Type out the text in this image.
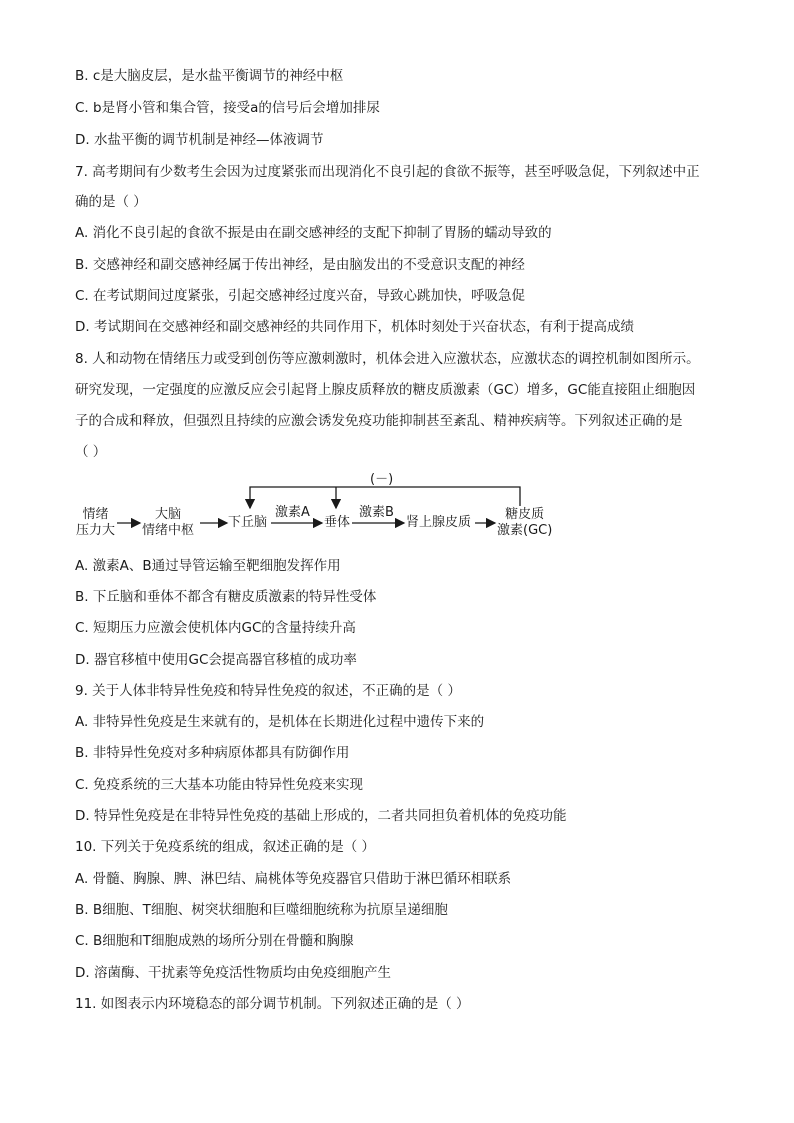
B. c是大脑皮层，是水盐平衡调节的神经中枢
C. b是肾小管和集合管，接受a的信号后会增加排尿
D. 水盐平衡的调节机制是神经—体液调节
7. 高考期间有少数考生会因为过度紧张而出现消化不良引起的食欲不振等，甚至呼吸急促，下列叙述中正
确的是（ ）
A. 消化不良引起的食欲不振是由在副交感神经的支配下抑制了胃肠的蠕动导致的
B. 交感神经和副交感神经属于传出神经，是由脑发出的不受意识支配的神经
C. 在考试期间过度紧张，引起交感神经过度兴奋，导致心跳加快，呼吸急促
D. 考试期间在交感神经和副交感神经的共同作用下，机体时刻处于兴奋状态，有利于提高成绩
8. 人和动物在情绪压力或受到创伤等应激刺激时，机体会进入应激状态，应激状态的调控机制如图所示。
研究发现，一定强度的应激反应会引起肾上腺皮质释放的糖皮质激素（GC）增多，GC能直接阻止细胞因
子的合成和释放，但强烈且持续的应激会诱发免疫功能抑制甚至紊乱、精神疾病等。下列叙述正确的是
（ ）
A. 激素A、B通过导管运输至靶细胞发挥作用
B. 下丘脑和垂体不都含有糖皮质激素的特异性受体
C. 短期压力应激会使机体内GC的含量持续升高
D. 器官移植中使用GC会提高器官移植的成功率
9. 关于人体非特异性免疫和特异性免疫的叙述，不正确的是（ ）
A. 非特异性免疫是生来就有的，是机体在长期进化过程中遗传下来的
B. 非特异性免疫对多种病原体都具有防御作用
C. 免疫系统的三大基本功能由特异性免疫来实现
D. 特异性免疫是在非特异性免疫的基础上形成的，二者共同担负着机体的免疫功能
10. 下列关于免疫系统的组成，叙述正确的是（ ）
A. 骨髓、胸腺、脾、淋巴结、扁桃体等免疫器官只借助于淋巴循环相联系
B. B细胞、T细胞、树突状细胞和巨噬细胞统称为抗原呈递细胞
C. B细胞和T细胞成熟的场所分别在骨髓和胸腺
D. 溶菌酶、干扰素等免疫活性物质均由免疫细胞产生
11. 如图表示内环境稳态的部分调节机制。下列叙述正确的是（ ）
(－)
情绪
压力大
大脑
情绪中枢
下丘脑
激素A
垂体
激素B
肾上腺皮质
糖皮质
激素(GC)
